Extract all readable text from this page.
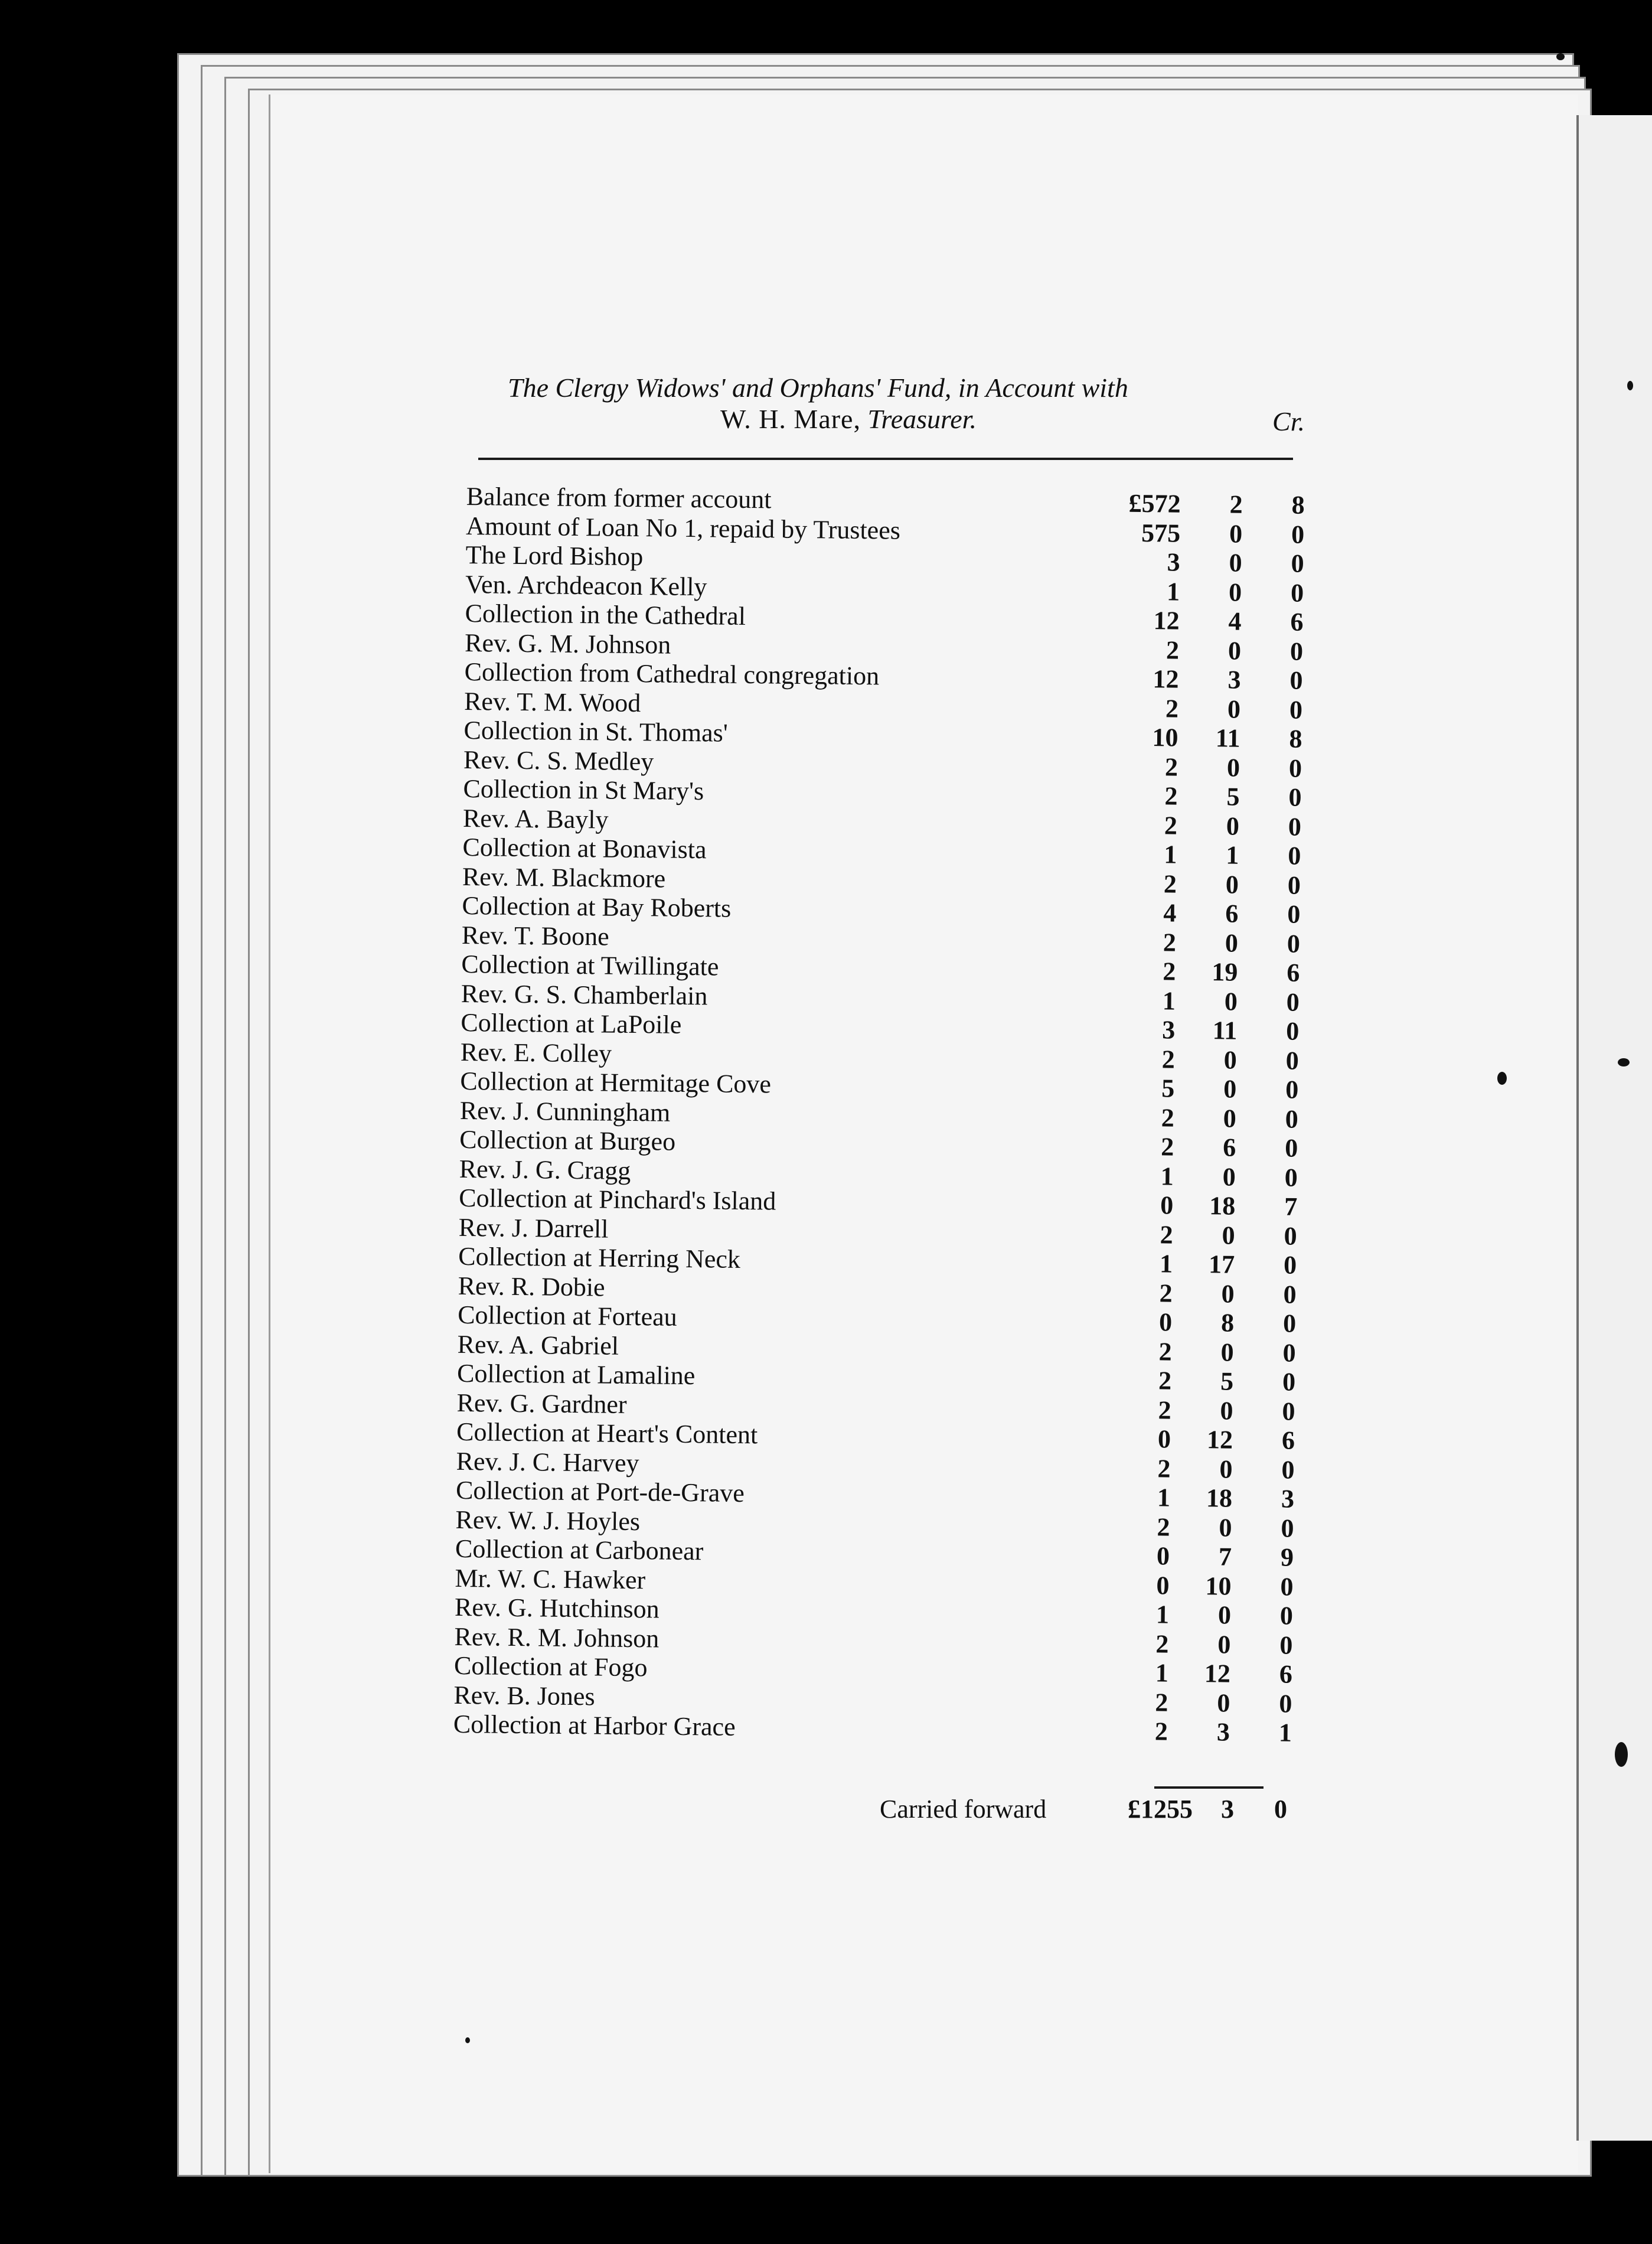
The Clergy Widows' and Orphans' Fund, in Account with
W. H. Mare, Treasurer.	Cr.
Balance from former account	£572	2	8
Amount of Loan No 1, repaid by Trustees	575	0	0
The Lord Bishop	3	0	0
Ven. Archdeacon Kelly	1	0	0
Collection in the Cathedral	12	4	6
Rev. G. M. Johnson	2	0	0
Collection from Cathedral congregation	12	3	0
Rev. T. M. Wood	2	0	0
Collection in St. Thomas'	10	11	8
Rev. C. S. Medley	2	0	0
Collection in St Mary's	2	5	0
Rev. A. Bayly	2	0	0
Collection at Bonavista	1	1	0
Rev. M. Blackmore	2	0	0
Collection at Bay Roberts	4	6	0
Rev. T. Boone	2	0	0
Collection at Twillingate	2	19	6
Rev. G. S. Chamberlain	1	0	0
Collection at LaPoile	3	11	0
Rev. E. Colley	2	0	0
Collection at Hermitage Cove	5	0	0
Rev. J. Cunningham	2	0	0
Collection at Burgeo	2	6	0
Rev. J. G. Cragg	1	0	0
Collection at Pinchard's Island	0	18	7
Rev. J. Darrell	2	0	0
Collection at Herring Neck	1	17	0
Rev. R. Dobie	2	0	0
Collection at Forteau	0	8	0
Rev. A. Gabriel	2	0	0
Collection at Lamaline	2	5	0
Rev. G. Gardner	2	0	0
Collection at Heart's Content	0	12	6
Rev. J. C. Harvey	2	0	0
Collection at Port-de-Grave	1	18	3
Rev. W. J. Hoyles	2	0	0
Collection at Carbonear	0	7	9
Mr. W. C. Hawker	0	10	0
Rev. G. Hutchinson	1	0	0
Rev. R. M. Johnson	2	0	0
Collection at Fogo	1	12	6
Rev. B. Jones	2	0	0
Collection at Harbor Grace	2	3	1
Carried forward	£1255	3	0
